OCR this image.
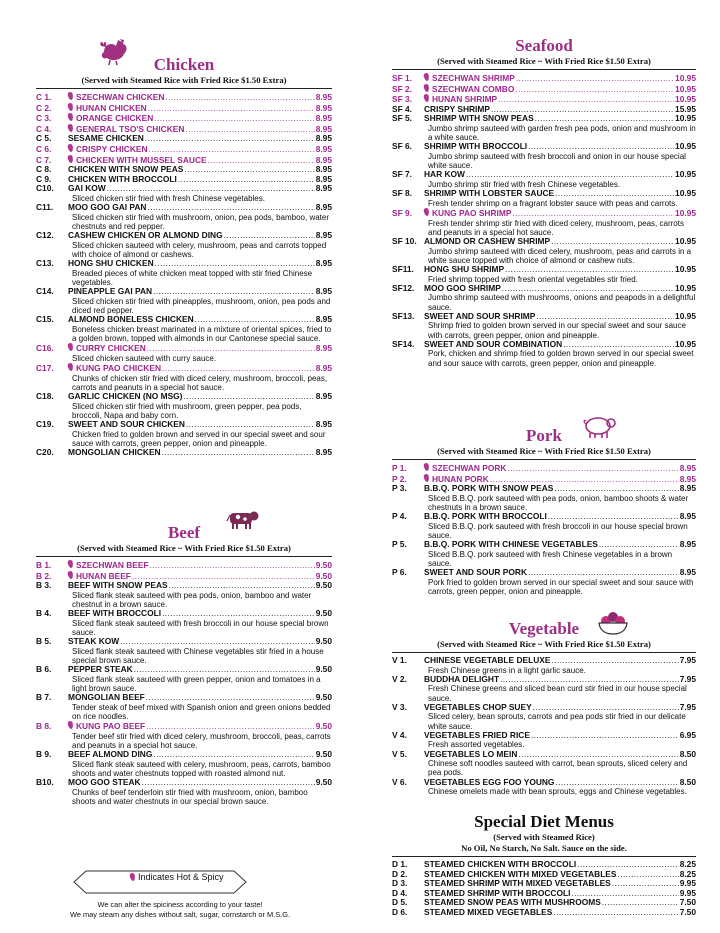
Chicken
(Served with Steamed Rice with Fried Rice $1.50 Extra)
C 1.	SZECHWAN CHICKEN .....	8.95
C 2.	HUNAN CHICKEN .....	8.95
C 3.	ORANGE CHICKEN .....	8.95
C 4.	GENERAL TSO'S CHICKEN .....	8.95
C 5.	SESAME CHICKEN .....	8.95
C 6.	CRISPY CHICKEN .....	8.95
C 7.	CHICKEN WITH MUSSEL SAUCE .....	8.95
C 8.	CHICKEN WITH SNOW PEAS .....	8.95
C 9.	CHICKEN WITH BROCCOLI .....	8.95
C10.	GAI KOW .....	8.95
Sliced chicken stir fried with fresh Chinese vegetables.
C11.	MOO GOO GAI PAN .....	8.95
Sliced chicken stir fried with mushroom, onion, pea pods, bamboo, water chestnuts and red pepper.
C12.	CASHEW CHICKEN OR ALMOND DING .....	8.95
Sliced chicken sauteed with celery, mushroom, peas and carrots topped with choice of almond or cashews.
C13.	HONG SHU CHICKEN .....	8.95
Breaded pieces of white chicken meat topped with stir fried Chinese vegetables.
C14.	PINEAPPLE GAI PAN .....	8.95
Sliced chicken stir fried with pineapples, mushroom, onion, pea pods and diced red pepper.
C15.	ALMOND BONELESS CHICKEN .....	8.95
Boneless chicken breast marinated in a mixture of oriental spices, fried to a golden brown, topped with almonds in our Cantonese special sauce.
C16.	CURRY CHICKEN .....	8.95
Sliced chicken sauteed with curry sauce.
C17.	KUNG PAO CHICKEN .....	8.95
Chunks of chicken stir fried with diced celery, mushroom, broccoli, peas, carrots and peanuts in a special hot sauce.
C18.	GARLIC CHICKEN (NO MSG) .....	8.95
Sliced chicken stir fried with mushroom, green pepper, pea pods, broccoli, Napa and baby corn.
C19.	SWEET AND SOUR CHICKEN .....	8.95
Chicken fried to golden brown and served in our special sweet and sour sauce with carrots, green pepper, onion and pineapple.
C20.	MONGOLIAN CHICKEN .....	8.95
Beef
(Served with Steamed Rice ~ With Fried Rice $1.50 Extra)
B 1.	SZECHWAN BEEF .....	9.50
B 2.	HUNAN BEEF .....	9.50
B 3.	BEEF WITH SNOW PEAS .....	9.50
Sliced flank steak sauteed with pea pods, onion, bamboo and water chestnut in a brown sauce.
B 4.	BEEF WITH BROCCOLI .....	9.50
Sliced flank steak sauteed with fresh broccoli in our house special brown sauce.
B 5.	STEAK KOW .....	9.50
Sliced flank steak sauteed with Chinese vegetables stir fried in a house special brown sauce.
B 6.	PEPPER STEAK .....	9.50
Sliced flank steak sauteed with green pepper, onion and tomatoes in a light brown sauce.
B 7.	MONGOLIAN BEEF .....	9.50
Tender steak of beef mixed with Spanish onion and green onions bedded on rice noodles.
B 8.	KUNG PAO BEEF .....	9.50
Tender beef stir fried with diced celery, mushroom, broccoli, peas, carrots and peanuts in a special hot sauce.
B 9.	BEEF ALMOND DING .....	9.50
Sliced flank steak sauteed with celery, mushroom, peas, carrots, bamboo shoots and water chestnuts topped with roasted almond nut.
B10.	MOO GOO STEAK .....	9.50
Chunks of beef tenderloin stir fried with mushroom, onion, bamboo shoots and water chestnuts in our special brown sauce.
Indicates Hot & Spicy
We can alter the spiciness according to your taste!
We may steam any dishes without salt, sugar, cornstarch or M.S.G.
Seafood
(Served with Steamed Rice ~ With Fried Rice $1.50 Extra)
SF 1.	SZECHWAN SHRIMP .....	10.95
SF 2.	SZECHWAN COMBO .....	10.95
SF 3.	HUNAN SHRIMP .....	10.95
SF 4.	CRISPY SHRIMP .....	15.95
SF 5.	SHRIMP WITH SNOW PEAS .....	10.95
Jumbo shrimp sauteed with garden fresh pea pods, onion and mushroom in a white sauce.
SF 6.	SHRIMP WITH BROCCOLI .....	10.95
Jumbo shrimp sauteed with fresh broccoli and onion in our house special white sauce.
SF 7.	HAR KOW .....	10.95
Jumbo shrimp stir fried with fresh Chinese vegetables.
SF 8.	SHRIMP WITH LOBSTER SAUCE .....	10.95
Fresh tender shrimp on a fragrant lobster sauce with peas and carrots.
SF 9.	KUNG PAO SHRIMP .....	10.95
Fresh tender shrimp stir fried with diced celery, mushroom, peas, carrots and peanuts in a special hot sauce.
SF 10. ALMOND OR CASHEW SHRIMP .....	10.95
Jumbo shrimp sauteed with diced celery, mushroom, peas and carrots in a white sauce topped with choice of almond or cashew nuts.
SF11.	HONG SHU SHRIMP .....	10.95
Fried shrimp topped with fresh oriental vegetables stir fried.
SF12.	MOO GOO SHRIMP .....	10.95
Jumbo shrimp sauteed with mushrooms, onions and peapods in a delightful sauce.
SF13.	SWEET AND SOUR SHRIMP .....	10.95
Shrimp fried to golden brown served in our special sweet and sour sauce with carrots, green pepper, onion and pineapple.
SF14.	SWEET AND SOUR COMBINATION .....	10.95
Pork, chicken and shrimp fried to golden brown served in our special sweet and sour sauce with carrots, green pepper, onion and pineapple.
Pork
(Served with Steamed Rice ~ With Fried Rice $1.50 Extra)
P 1.	SZECHWAN PORK .....	8.95
P 2.	HUNAN PORK .....	8.95
P 3.	B.B.Q. PORK WITH SNOW PEAS .....	8.95
Sliced B.B.Q. pork sauteed with pea pods, onion, bamboo shoots & water chestnuts in a brown sauce.
P 4.	B.B.Q. PORK WITH BROCCOLI .....	8.95
Sliced B.B.Q. pork sauteed with fresh broccoli in our house special brown sauce.
P 5.	B.B.Q. PORK WITH CHINESE VEGETABLES .....	8.95
Sliced B.B.Q. pork sauteed with fresh Chinese vegetables in a brown sauce.
P 6.	SWEET AND SOUR PORK .....	8.95
Pork fried to golden brown served in our special sweet and sour sauce with carrots, green pepper, onion and pineapple.
Vegetable
(Served with Steamed Rice ~ With Fried Rice $1.50 Extra)
V 1.	CHINESE VEGETABLE DELUXE .....	7.95
Fresh Chinese greens in a light garlic sauce.
V 2.	BUDDHA DELIGHT .....	7.95
Fresh Chinese greens and sliced bean curd stir fried in our house special sauce.
V 3.	VEGETABLES CHOP SUEY .....	7.95
Sliced celery, bean sprouts, carrots and pea pods stir fried in our delicate white sauce.
V 4.	VEGETABLES FRIED RICE .....	6.95
Fresh assorted vegetables.
V 5.	VEGETABLES LO MEIN .....	8.50
Chinese soft noodles sauteed with carrot, bean sprouts, sliced celery and pea pods.
V 6.	VEGETABLES EGG FOO YOUNG .....	8.50
Chinese omelets made with bean sprouts, eggs and Chinese vegetables.
Special Diet Menus
(Served with Steamed Rice)
No Oil, No Starch, No Salt. Sauce on the side.
D 1.	STEAMED CHICKEN WITH BROCCOLI .....	8.25
D 2.	STEAMED CHICKEN WITH MIXED VEGETABLES .....	8.25
D 3.	STEAMED SHRIMP WITH MIXED VEGETABLES .....	9.95
D 4.	STEAMED SHRIMP WITH BROCCOLI .....	9.95
D 5.	STEAMED SNOW PEAS WITH MUSHROOMS .....	7.50
D 6.	STEAMED MIXED VEGETABLES .....	7.50
